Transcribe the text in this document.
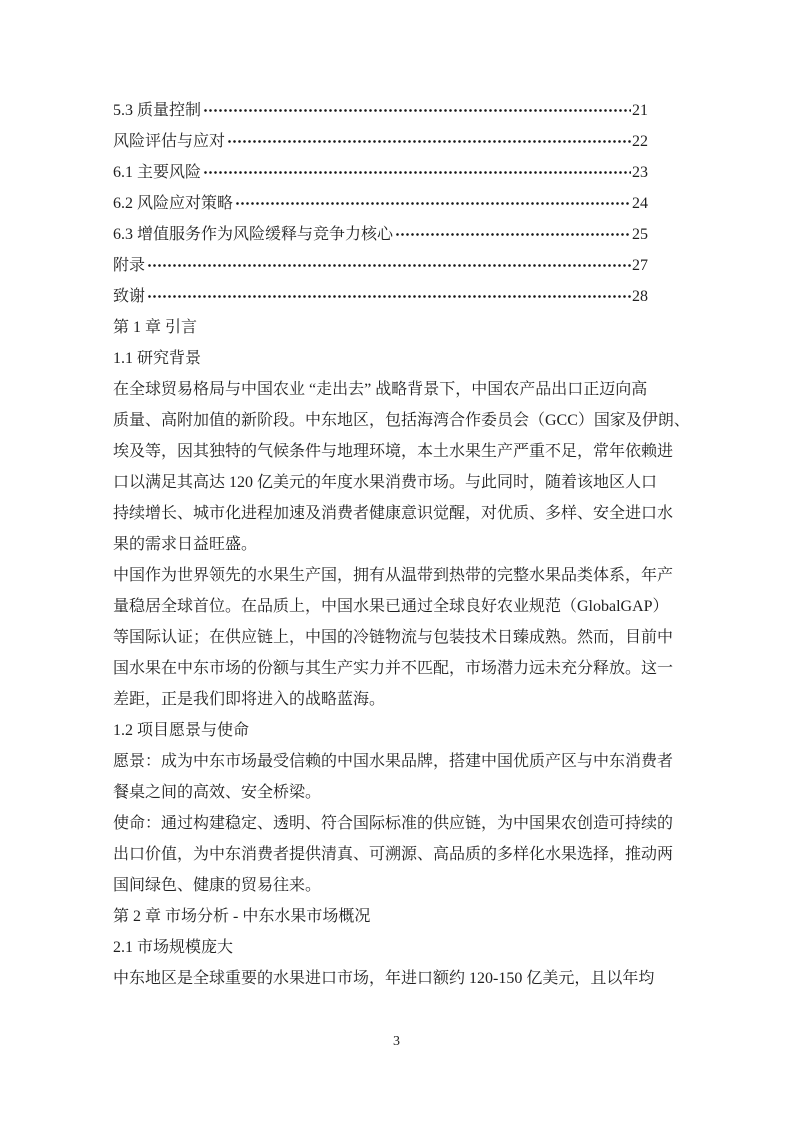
5.3 质量控制	21
风险评估与应对	22
6.1 主要风险	23
6.2 风险应对策略	24
6.3 增值服务作为风险缓释与竞争力核心	25
附录	27
致谢	28
第 1 章 引言
1.1 研究背景
在全球贸易格局与中国农业 “走出去” 战略背景下，中国农产品出口正迈向高
质量、高附加值的新阶段。中东地区，包括海湾合作委员会（GCC）国家及伊朗、
埃及等，因其独特的气候条件与地理环境，本土水果生产严重不足，常年依赖进
口以满足其高达 120 亿美元的年度水果消费市场。与此同时，随着该地区人口
持续增长、城市化进程加速及消费者健康意识觉醒，对优质、多样、安全进口水
果的需求日益旺盛。
中国作为世界领先的水果生产国，拥有从温带到热带的完整水果品类体系，年产
量稳居全球首位。在品质上，中国水果已通过全球良好农业规范（GlobalGAP）
等国际认证；在供应链上，中国的冷链物流与包装技术日臻成熟。然而，目前中
国水果在中东市场的份额与其生产实力并不匹配，市场潜力远未充分释放。这一
差距，正是我们即将进入的战略蓝海。
1.2 项目愿景与使命
愿景：成为中东市场最受信赖的中国水果品牌，搭建中国优质产区与中东消费者
餐桌之间的高效、安全桥梁。
使命：通过构建稳定、透明、符合国际标准的供应链，为中国果农创造可持续的
出口价值，为中东消费者提供清真、可溯源、高品质的多样化水果选择，推动两
国间绿色、健康的贸易往来。
第 2 章 市场分析 - 中东水果市场概况
2.1 市场规模庞大
中东地区是全球重要的水果进口市场，年进口额约 120-150 亿美元，且以年均
3
